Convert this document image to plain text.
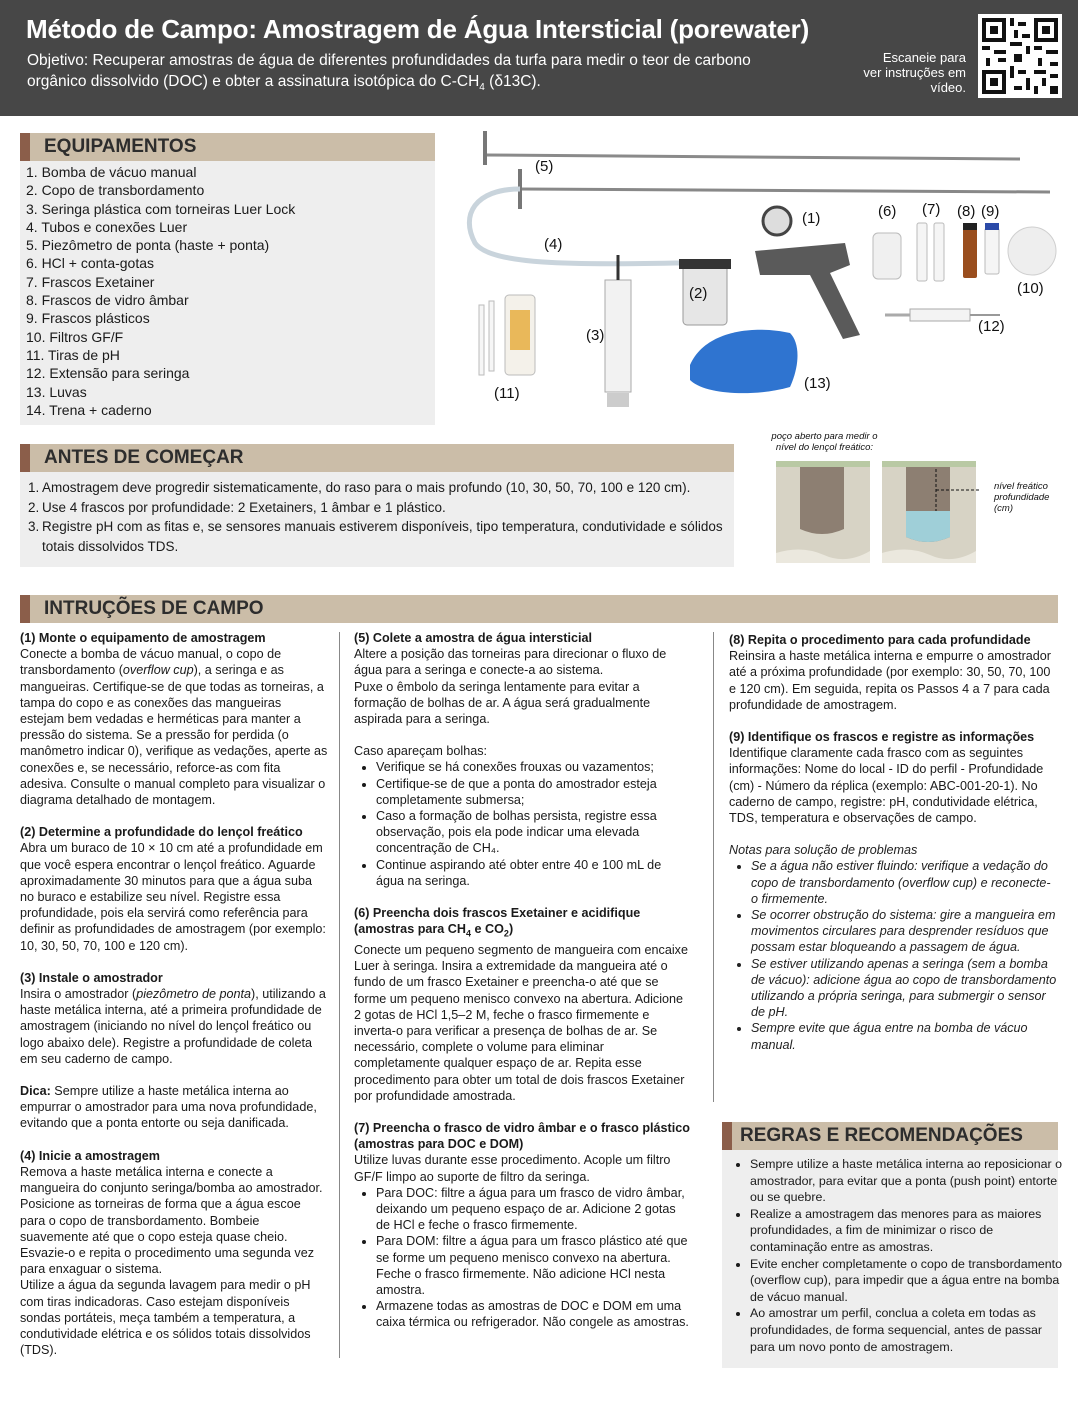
Método de Campo: Amostragem de Água Intersticial (porewater)
Objetivo: Recuperar amostras de água de diferentes profundidades da turfa para medir o teor de carbono orgânico dissolvido (DOC) e obter a assinatura isotópica do $C-CH_4$ (δ13C).
Escaneie para ver instruções em vídeo.
EQUIPAMENTOS
1. Bomba de vácuo manual
2. Copo de transbordamento
3. Seringa plástica com torneiras Luer Lock
4. Tubos e conexões Luer
5. Piezômetro de ponta (haste + ponta)
6. HCl + conta-gotas
7. Frascos Exetainer
8. Frascos de vidro âmbar
9. Frascos plásticos
10. Filtros GF/F
11. Tiras de pH
12. Extensão para seringa
13. Luvas
14. Trena + caderno
(5)
(1)
(4)
(6) (7) (8) (9)
(10)
(2)
(3)
(12)
(13)
(11)
ANTES DE COMEÇAR
1. Amostragem deve progredir sistematicamente, do raso para o mais profundo (10, 30, 50, 70, 100 e 120 cm).
2. Use 4 frascos por profundidade: 2 Exetainers, 1 âmbar e 1 plástico.
3. Registre pH com as fitas e, se sensores manuais estiverem disponíveis, tipo temperatura, condutividade e sólidos totais dissolvidos TDS.
poço aberto para medir o nível do lençol freático:
nível freático profundidade (cm)
INTRUÇÕES DE CAMPO

(1) Monte o equipamento de amostragem

Conecte a bomba de vácuo manual, o copo de transbordamento (overflow cup), a seringa e as mangueiras. Certifique-se de que todas as torneiras, a tampa do copo e as conexões das mangueiras estejam bem vedadas e herméticas para manter a pressão do sistema. Se a pressão for perdida (o manômetro indicar 0), verifique as vedações, aperte as conexões e, se necessário, reforce-as com fita adesiva. Consulte o manual completo para visualizar o diagrama detalhado de montagem.

(2) Determine a profundidade do lençol freático

Abra um buraco de 10 × 10 cm até a profundidade em que você espera encontrar o lençol freático. Aguarde aproximadamente 30 minutos para que a água suba no buraco e estabilize seu nível. Registre essa profundidade, pois ela servirá como referência para definir as profundidades de amostragem (por exemplo: 10, 30, 50, 70, 100 e 120 cm).

(3) Instale o amostrador

Insira o amostrador (piezômetro de ponta), utilizando a haste metálica interna, até a primeira profundidade de amostragem (iniciando no nível do lençol freático ou logo abaixo dele). Registre a profundidade de coleta em seu caderno de campo.

Dica: Sempre utilize a haste metálica interna ao empurrar o amostrador para uma nova profundidade, evitando que a ponta entorte ou seja danificada.

(4) Inicie a amostragem

Remova a haste metálica interna e conecte a mangueira do conjunto seringa/bomba ao amostrador. Posicione as torneiras de forma que a água escoe para o copo de transbordamento. Bombeie suavemente até que o copo esteja quase cheio. Esvazie-o e repita o procedimento uma segunda vez para enxaguar o sistema.

Utilize a água da segunda lavagem para medir o pH com tiras indicadoras. Caso estejam disponíveis sondas portáteis, meça também a temperatura, a condutividade elétrica e os sólidos totais dissolvidos (TDS).

(5) Colete a amostra de água intersticial

Altere a posição das torneiras para direcionar o fluxo de água para a seringa e conecte-a ao sistema.

Puxe o êmbolo da seringa lentamente para evitar a formação de bolhas de ar. A água será gradualmente aspirada para a seringa.

Caso apareçam bolhas:

• Verifique se há conexões frouxas ou vazamentos;
• Certifique-se de que a ponta do amostrador esteja completamente submersa;
• Caso a formação de bolhas persista, registre essa observação, pois ela pode indicar uma elevada concentração de CH₄.
• Continue aspirando até obter entre 40 e 100 mL de água na seringa.

(6) Preencha dois frascos Exetainer e acidifique (amostras para $CH_4$ e $CO_2$)

Conecte um pequeno segmento de mangueira com encaixe Luer à seringa. Insira a extremidade da mangueira até o fundo de um frasco Exetainer e preencha-o até que se forme um pequeno menisco convexo na abertura. Adicione 2 gotas de HCl 1,5–2 M, feche o frasco firmemente e inverta-o para verificar a presença de bolhas de ar. Se necessário, complete o volume para eliminar completamente qualquer espaço de ar. Repita esse procedimento para obter um total de dois frascos Exetainer por profundidade amostrada.

(7) Preencha o frasco de vidro âmbar e o frasco plástico (amostras para DOC e DOM)

Utilize luvas durante esse procedimento. Acople um filtro GF/F limpo ao suporte de filtro da seringa.

• Para DOC: filtre a água para um frasco de vidro âmbar, deixando um pequeno espaço de ar. Adicione 2 gotas de HCl e feche o frasco firmemente.
• Para DOM: filtre a água para um frasco plástico até que se forme um pequeno menisco convexo na abertura. Feche o frasco firmemente. Não adicione HCl nesta amostra.
• Armazene todas as amostras de DOC e DOM em uma caixa térmica ou refrigerador. Não congele as amostras.

(8) Repita o procedimento para cada profundidade

Reinsira a haste metálica interna e empurre o amostrador até a próxima profundidade (por exemplo: 30, 50, 70, 100 e 120 cm). Em seguida, repita os Passos 4 a 7 para cada profundidade de amostragem.

(9) Identifique os frascos e registre as informações

Identifique claramente cada frasco com as seguintes informações: Nome do local - ID do perfil - Profundidade (cm) - Número da réplica (exemplo: ABC-001-20-1). No caderno de campo, registre: pH, condutividade elétrica, TDS, temperatura e observações de campo.

Notas para solução de problemas

• Se a água não estiver fluindo: verifique a vedação do copo de transbordamento (overflow cup) e reconecte-o firmemente.
• Se ocorrer obstrução do sistema: gire a mangueira em movimentos circulares para desprender resíduos que possam estar bloqueando a passagem de água.
• Se estiver utilizando apenas a seringa (sem a bomba de vácuo): adicione água ao copo de transbordamento utilizando a própria seringa, para submergir o sensor de pH.
• Sempre evite que água entre na bomba de vácuo manual.
REGRAS E RECOMENDAÇÕES
• Sempre utilize a haste metálica interna ao reposicionar o amostrador, para evitar que a ponta (push point) entorte ou se quebre.
• Realize a amostragem das menores para as maiores profundidades, a fim de minimizar o risco de contaminação entre as amostras.
• Evite encher completamente o copo de transbordamento (overflow cup), para impedir que a água entre na bomba de vácuo manual.
• Ao amostrar um perfil, conclua a coleta em todas as profundidades, de forma sequencial, antes de passar para um novo ponto de amostragem.
